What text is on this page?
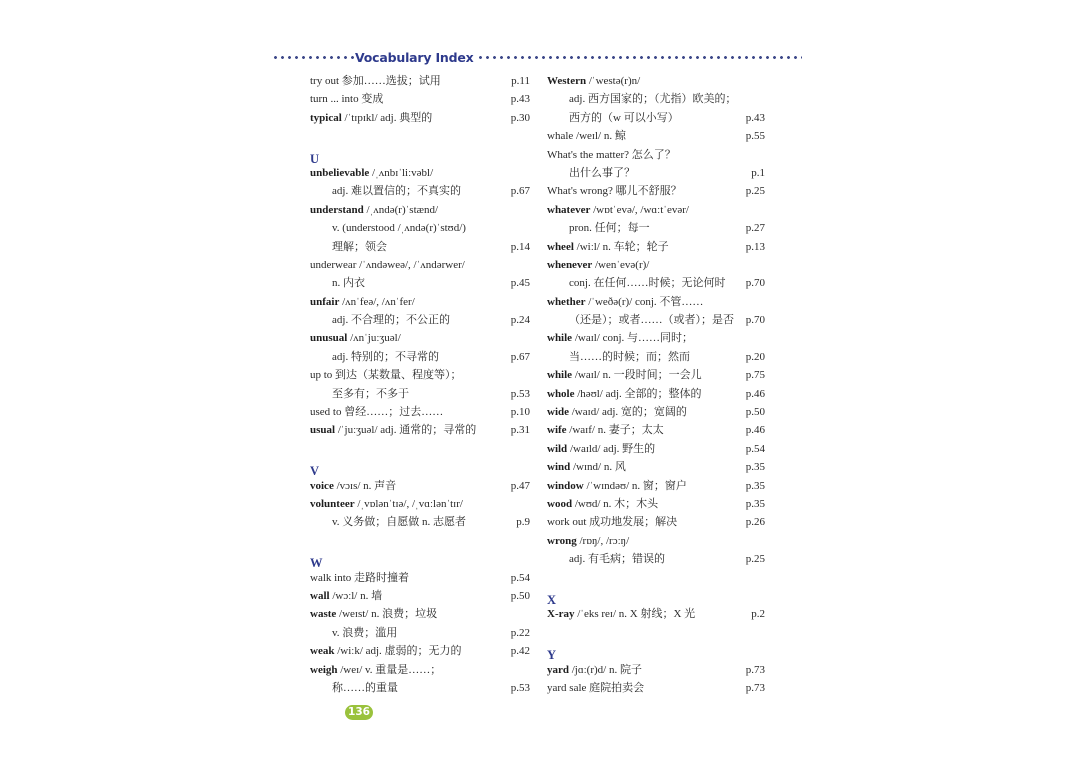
Vocabulary Index
try out 参加……选拔；试用	p.11
turn ... into 变成	p.43
typical /ˈtɪpɪkl/ adj. 典型的	p.30
U
unbelievable /ˌʌnbɪˈliːvəbl/
adj. 难以置信的；不真实的	p.67
understand /ˌʌndə(r)ˈstænd/
v. (understood /ˌʌndə(r)ˈstʊd/)
理解；领会	p.14
underwear /ˈʌndəweə/, /ˈʌndərwer/
n. 内衣	p.45
unfair /ʌnˈfeə/, /ʌnˈfer/
adj. 不合理的；不公正的	p.24
unusual /ʌnˈjuːʒuəl/
adj. 特别的；不寻常的	p.67
up to 到达（某数量、程度等）；
至多有；不多于	p.53
used to 曾经……；过去……	p.10
usual /ˈjuːʒuəl/ adj. 通常的；寻常的	p.31
V
voice /vɔɪs/ n. 声音	p.47
volunteer /ˌvɒlənˈtɪə/, /ˌvɑːlənˈtɪr/
v. 义务做；自愿做 n. 志愿者	p.9
W
walk into 走路时撞着	p.54
wall /wɔːl/ n. 墙	p.50
waste /weɪst/ n. 浪费；垃圾
v. 浪费；滥用	p.22
weak /wiːk/ adj. 虚弱的；无力的	p.42
weigh /weɪ/ v. 重量是……；
称……的重量	p.53
Western /ˈwestə(r)n/
adj. 西方国家的；（尤指）欧美的；
西方的（w 可以小写）	p.43
whale /weɪl/ n. 鲸	p.55
What's the matter? 怎么了？
出什么事了？	p.1
What's wrong? 哪儿不舒服？	p.25
whatever /wɒtˈevə/, /wɑːtˈevər/
pron. 任何；每一	p.27
wheel /wiːl/ n. 车轮；轮子	p.13
whenever /wenˈevə(r)/
conj. 在任何……时候；无论何时 p.70
whether /ˈweðə(r)/ conj. 不管……
（还是）；或者……（或者）；是否 p.70
while /waɪl/ conj. 与……同时；
当……的时候；而；然而	p.20
while /waɪl/ n. 一段时间；一会儿	p.75
whole /həʊl/ adj. 全部的；整体的	p.46
wide /waɪd/ adj. 宽的；宽阔的	p.50
wife /waɪf/ n. 妻子；太太	p.46
wild /waɪld/ adj. 野生的	p.54
wind /wɪnd/ n. 风	p.35
window /ˈwɪndəʊ/ n. 窗；窗户	p.35
wood /wʊd/ n. 木；木头	p.35
work out 成功地发展；解决	p.26
wrong /rɒŋ/, /rɔːŋ/
adj. 有毛病；错误的	p.25
X
X-ray /ˈeks reɪ/ n. X 射线；X 光	p.2
Y
yard /jɑː(r)d/ n. 院子	p.73
yard sale 庭院拍卖会	p.73
136
